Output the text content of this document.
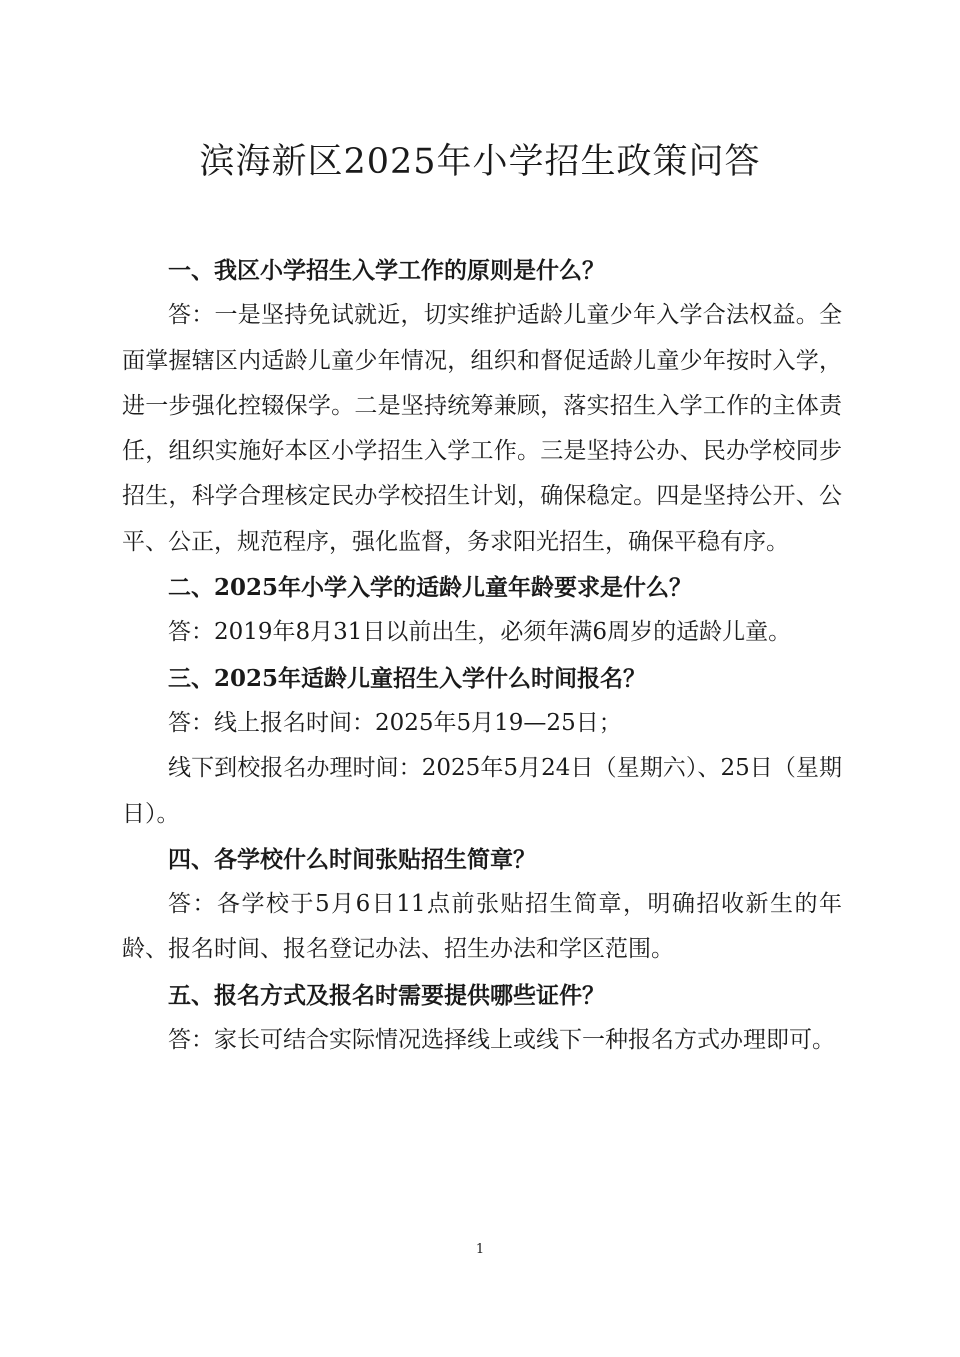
滨海新区2025年小学招生政策问答

一、我区小学招生入学工作的原则是什么？

答：一是坚持免试就近，切实维护适龄儿童少年入学合法权益。全面掌握辖区内适龄儿童少年情况，组织和督促适龄儿童少年按时入学，进一步强化控辍保学。二是坚持统筹兼顾，落实招生入学工作的主体责任，组织实施好本区小学招生入学工作。三是坚持公办、民办学校同步招生，科学合理核定民办学校招生计划，确保稳定。四是坚持公开、公平、公正，规范程序，强化监督，务求阳光招生，确保平稳有序。

二、2025年小学入学的适龄儿童年龄要求是什么？

答：2019年8月31日以前出生，必须年满6周岁的适龄儿童。

三、2025年适龄儿童招生入学什么时间报名？

答：线上报名时间：2025年5月19—25日；

线下到校报名办理时间：2025年5月24日（星期六）、25日（星期日）。

四、各学校什么时间张贴招生简章？

答：各学校于5月6日11点前张贴招生简章，明确招收新生的年龄、报名时间、报名登记办法、招生办法和学区范围。

五、报名方式及报名时需要提供哪些证件？

答：家长可结合实际情况选择线上或线下一种报名方式办理即可。

1
